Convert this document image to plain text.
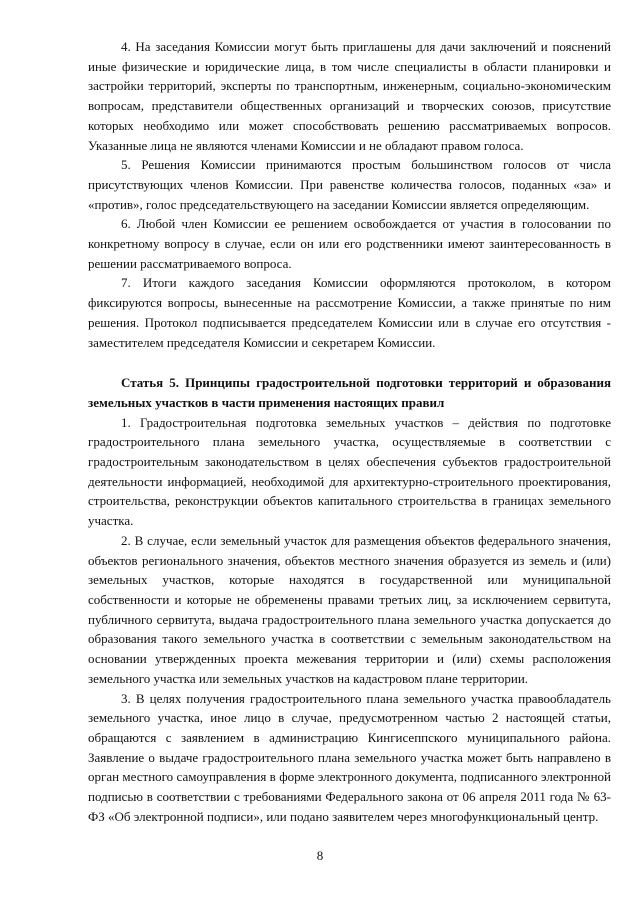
4. На заседания Комиссии могут быть приглашены для дачи заключений и пояснений иные физические и юридические лица, в том числе специалисты в области планировки и застройки территорий, эксперты по транспортным, инженерным, социально-экономическим вопросам, представители общественных организаций и творческих союзов, присутствие которых необходимо или может способствовать решению рассматриваемых вопросов. Указанные лица не являются членами Комиссии и не обладают правом голоса.

5. Решения Комиссии принимаются простым большинством голосов от числа присутствующих членов Комиссии. При равенстве количества голосов, поданных «за» и «против», голос председательствующего на заседании Комиссии является определяющим.

6. Любой член Комиссии ее решением освобождается от участия в голосовании по конкретному вопросу в случае, если он или его родственники имеют заинтересованность в решении рассматриваемого вопроса.

7. Итоги каждого заседания Комиссии оформляются протоколом, в котором фиксируются вопросы, вынесенные на рассмотрение Комиссии, а также принятые по ним решения. Протокол подписывается председателем Комиссии или в случае его отсутствия - заместителем председателя Комиссии и секретарем Комиссии.

Статья 5. Принципы градостроительной подготовки территорий и образования земельных участков в части применения настоящих правил

1. Градостроительная подготовка земельных участков – действия по подготовке градостроительного плана земельного участка, осуществляемые в соответствии с градостроительным законодательством в целях обеспечения субъектов градостроительной деятельности информацией, необходимой для архитектурно-строительного проектирования, строительства, реконструкции объектов капитального строительства в границах земельного участка.

2. В случае, если земельный участок для размещения объектов федерального значения, объектов регионального значения, объектов местного значения образуется из земель и (или) земельных участков, которые находятся в государственной или муниципальной собственности и которые не обременены правами третьих лиц, за исключением сервитута, публичного сервитута, выдача градостроительного плана земельного участка допускается до образования такого земельного участка в соответствии с земельным законодательством на основании утвержденных проекта межевания территории и (или) схемы расположения земельного участка или земельных участков на кадастровом плане территории.

3. В целях получения градостроительного плана земельного участка правообладатель земельного участка, иное лицо в случае, предусмотренном частью 2 настоящей статьи, обращаются с заявлением в администрацию Кингисеппского муниципального района. Заявление о выдаче градостроительного плана земельного участка может быть направлено в орган местного самоуправления в форме электронного документа, подписанного электронной подписью в соответствии с требованиями Федерального закона от 06 апреля 2011 года № 63-ФЗ «Об электронной подписи», или подано заявителем через многофункциональный центр.

8
